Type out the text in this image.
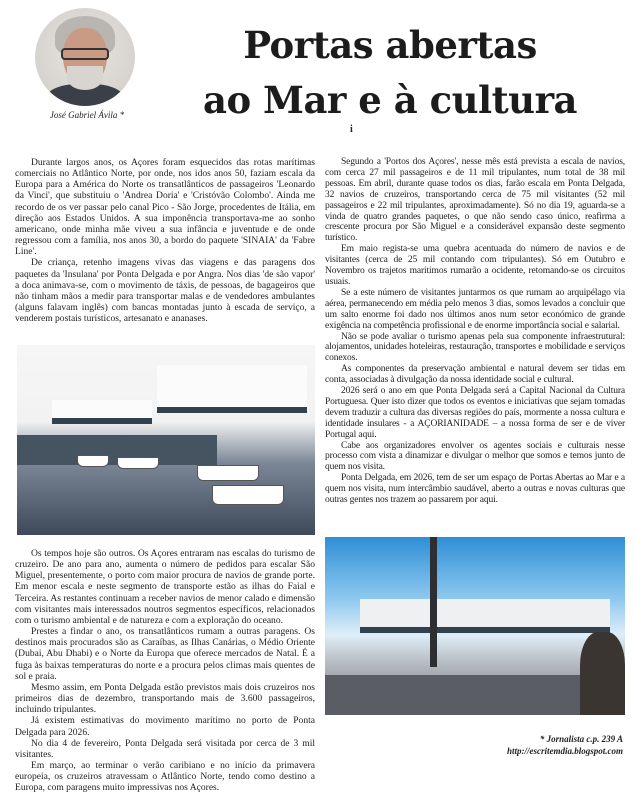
José Gabriel Ávila *
Portas abertas
ao Mar e à cultura
i

Durante largos anos, os Açores foram esquecidos das rotas marítimas comerciais no Atlântico Norte, por onde, nos idos anos 50, faziam escala da Europa para a América do Norte os transatlânticos de passageiros 'Leonardo da Vinci', que substituiu o 'Andrea Doria' e 'Cristóvão Colombo'. Ainda me recordo de os ver passar pelo canal Pico - São Jorge, procedentes de Itália, em direção aos Estados Unidos. A sua imponência transportava-me ao sonho americano, onde minha mãe viveu a sua infância e juventude e de onde regressou com a família, nos anos 30, a bordo do paquete 'SINAIA' da 'Fabre Line'.

De criança, retenho imagens vivas das viagens e das paragens dos paquetes da 'Insulana' por Ponta Delgada e por Angra. Nos dias 'de são vapor' a doca animava-se, com o movimento de táxis, de pessoas, de bagageiros que não tinham mãos a medir para transportar malas e de vendedores ambulantes (alguns falavam inglês) com bancas montadas junto à escada de serviço, a venderem postais turísticos, artesanato e ananases.

Os tempos hoje são outros. Os Açores entraram nas escalas do turismo de cruzeiro. De ano para ano, aumenta o número de pedidos para escalar São Miguel, presentemente, o porto com maior procura de navios de grande porte. Em menor escala e neste segmento de transporte estão as ilhas do Faial e Terceira. As restantes continuam a receber navios de menor calado e dimensão com visitantes mais interessados noutros segmentos específicos, relacionados com o turismo ambiental e de natureza e com a exploração do oceano.

Prestes a findar o ano, os transatlânticos rumam a outras paragens. Os destinos mais procurados são as Caraíbas, as Ilhas Canárias, o Médio Oriente (Dubai, Abu Dhabi) e o Norte da Europa que oferece mercados de Natal. É a fuga às baixas temperaturas do norte e a procura pelos climas mais quentes de sol e praia.

Mesmo assim, em Ponta Delgada estão previstos mais dois cruzeiros nos primeiros dias de dezembro, transportando mais de 3.600 passageiros, incluindo tripulantes.

Já existem estimativas do movimento marítimo no porto de Ponta Delgada para 2026.

No dia 4 de fevereiro, Ponta Delgada será visitada por cerca de 3 mil visitantes.

Em março, ao terminar o verão caribiano e no início da primavera europeia, os cruzeiros atravessam o Atlântico Norte, tendo como destino a Europa, com paragens muito impressivas nos Açores.

Segundo a 'Portos dos Açores', nesse mês está prevista a escala de navios, com cerca 27 mil passageiros e de 11 mil tripulantes, num total de 38 mil pessoas. Em abril, durante quase todos os dias, farão escala em Ponta Delgada, 32 navios de cruzeiros, transportando cerca de 75 mil visitantes (52 mil passageiros e 22 mil tripulantes, aproximadamente). Só no dia 19, aguarda-se a vinda de quatro grandes paquetes, o que não sendo caso único, reafirma a crescente procura por São Miguel e a considerável expansão deste segmento turístico.

Em maio regista-se uma quebra acentuada do número de navios e de visitantes (cerca de 25 mil contando com tripulantes). Só em Outubro e Novembro os trajetos marítimos rumarão a ocidente, retomando-se os circuitos usuais.

Se a este número de visitantes juntarmos os que rumam ao arquipélago via aérea, permanecendo em média pelo menos 3 dias, somos levados a concluir que um salto enorme foi dado nos últimos anos num setor económico de grande exigência na competência profissional e de enorme importância social e salarial.

Não se pode avaliar o turismo apenas pela sua componente infraestrutural: alojamentos, unidades hoteleiras, restauração, transportes e mobilidade e serviços conexos.

As componentes da preservação ambiental e natural devem ser tidas em conta, associadas à divulgação da nossa identidade social e cultural.

2026 será o ano em que Ponta Delgada será a Capital Nacional da Cultura Portuguesa. Quer isto dizer que todos os eventos e iniciativas que sejam tomadas devem traduzir a cultura das diversas regiões do país, mormente a nossa cultura e identidade insulares - a AÇORIANIDADE – a nossa forma de ser e de viver Portugal aqui.

Cabe aos organizadores envolver os agentes sociais e culturais nesse processo com vista a dinamizar e divulgar o melhor que somos e temos junto de quem nos visita.

Ponta Delgada, em 2026, tem de ser um espaço de Portas Abertas ao Mar e a quem nos visita, num intercâmbio saudável, aberto a outras e novas culturas que outras gentes nos trazem ao passarem por aqui.

* Jornalista c.p. 239 A
http://escritemdia.blogspot.com
